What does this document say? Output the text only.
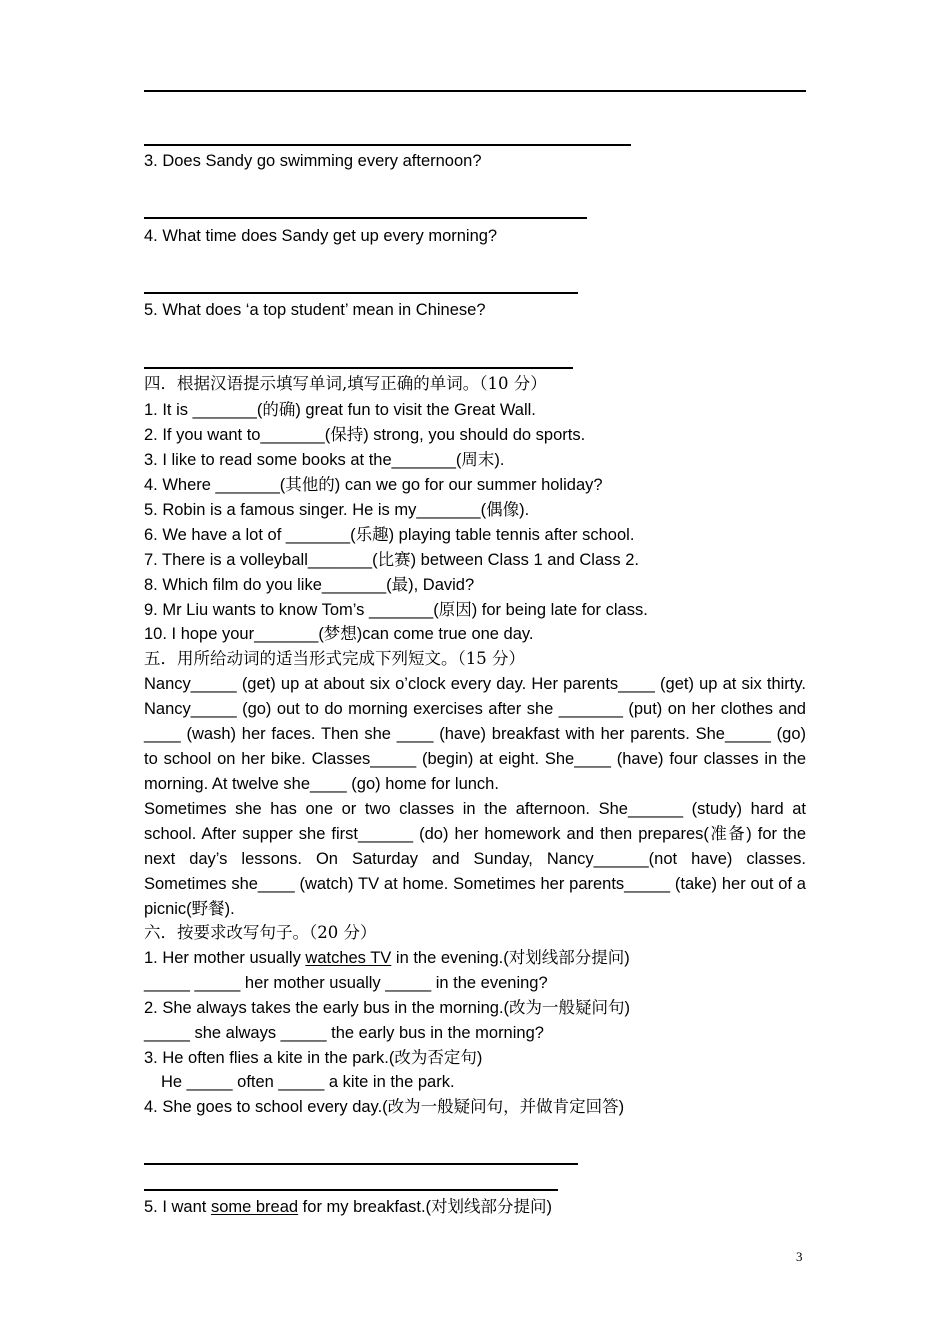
3. Does Sandy go swimming every afternoon?
4. What time does Sandy get up every morning?
5. What does ‘a top student’ mean in Chinese?
四．根据汉语提示填写单词,填写正确的单词。（10 分）
1. It is _______(的确) great fun to visit the Great Wall.
2. If you want to_______(保持) strong, you should do sports.
3. I like to read some books at the_______(周末).
4. Where _______(其他的) can we go for our summer holiday?
5. Robin is a famous singer. He is my_______(偶像).
6. We have a lot of _______(乐趣) playing table tennis after school.
7. There is a volleyball_______(比赛) between Class 1 and Class 2.
8. Which film do you like_______(最), David?
9. Mr Liu wants to know Tom’s _______(原因) for being late for class.
10. I hope your_______(梦想)can come true one day.
五．用所给动词的适当形式完成下列短文。（15 分）
Nancy_____ (get) up at about six o’clock every day. Her parents____ (get) up at six thirty. Nancy_____ (go) out to do morning exercises after she _______ (put) on her clothes and ____ (wash) her faces. Then she ____ (have) breakfast with her parents. She_____ (go) to school on her bike. Classes_____ (begin) at eight. She____ (have) four classes in the morning. At twelve she____ (go) home for lunch.
Sometimes she has one or two classes in the afternoon. She______ (study) hard at school. After supper she first______ (do) her homework and then prepares(准备) for the next day’s lessons. On Saturday and Sunday, Nancy______(not have) classes. Sometimes she____ (watch) TV at home. Sometimes her parents_____ (take) her out of a picnic(野餐).
六．按要求改写句子。（20 分）
1. Her mother usually watches TV in the evening.(对划线部分提问)
_____ _____ her mother usually _____ in the evening?
2. She always takes the early bus in the morning.(改为一般疑问句)
_____ she always _____ the early bus in the morning?
3. He often flies a kite in the park.(改为否定句)
He _____ often _____ a kite in the park.
4. She goes to school every day.(改为一般疑问句，并做肯定回答)
5. I want some bread for my breakfast.(对划线部分提问)
3
